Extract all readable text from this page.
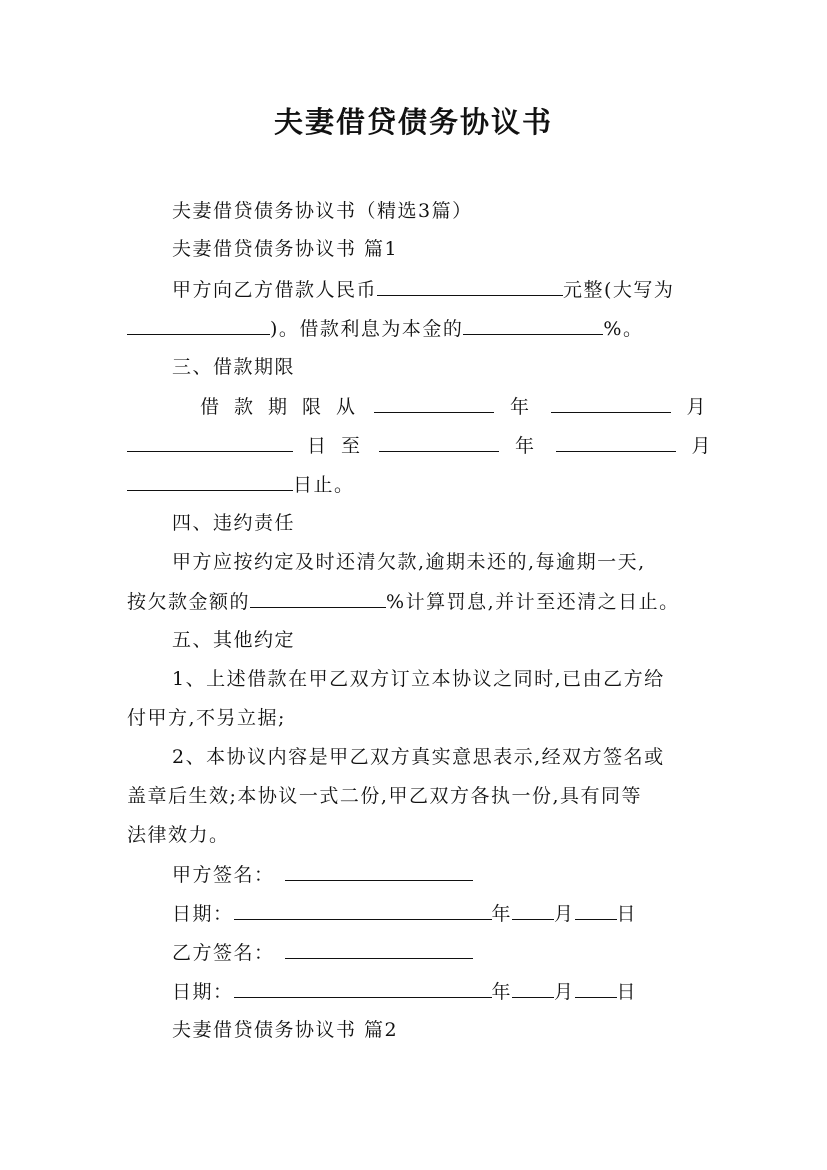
夫妻借贷债务协议书
夫妻借贷债务协议书（精选3篇）
夫妻借贷债务协议书 篇1
甲方向乙方借款人民币	元整(大写为
)。借款利息为本金的	%。
三、借款期限
借款期限从	年	月
日至	年	月
日止。
四、违约责任
甲方应按约定及时还清欠款,逾期未还的,每逾期一天,
按欠款金额的	%计算罚息,并计至还清之日止。
五、其他约定
1、上述借款在甲乙双方订立本协议之同时,已由乙方给
付甲方,不另立据;
2、本协议内容是甲乙双方真实意思表示,经双方签名或
盖章后生效;本协议一式二份,甲乙双方各执一份,具有同等
法律效力。
甲方签名：
日期：	年 月 日
乙方签名：
日期：	年 月 日
夫妻借贷债务协议书 篇2
